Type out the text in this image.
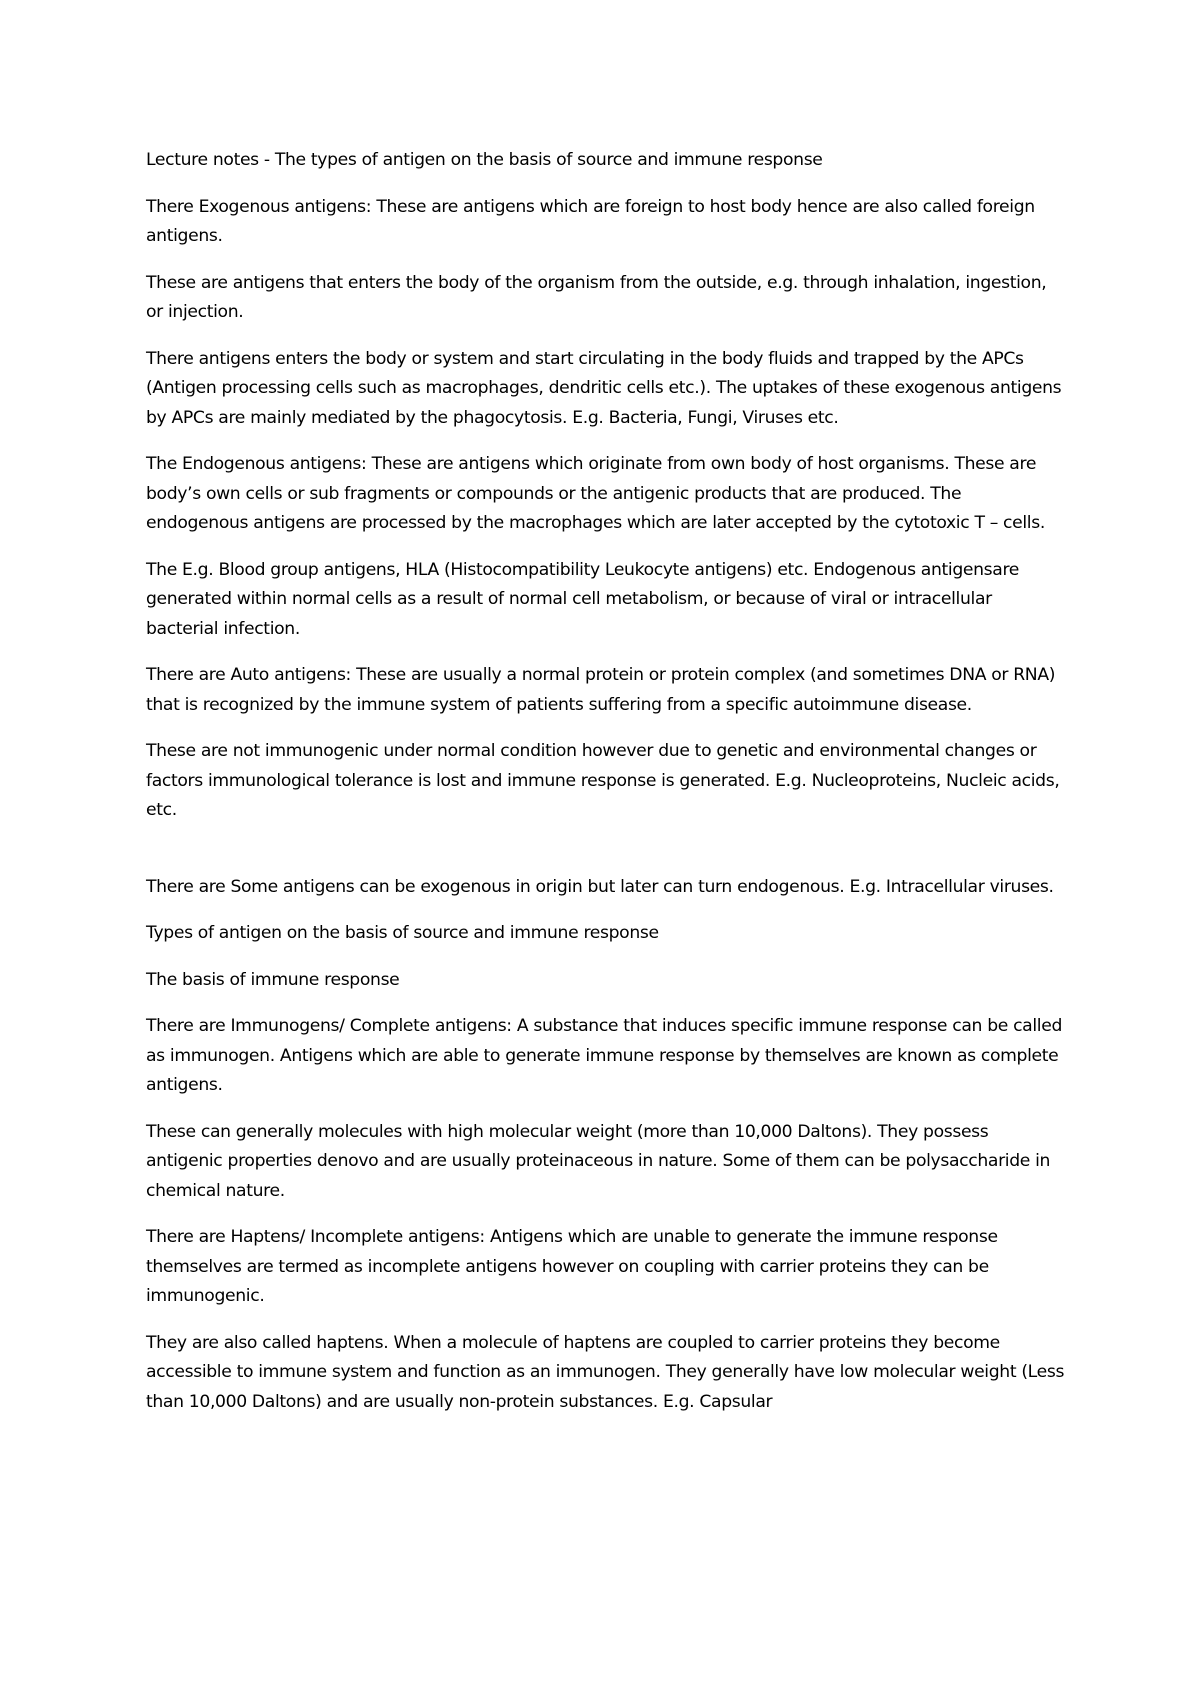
Lecture notes - The types of antigen on the basis of source and immune response

There Exogenous antigens: These are antigens which are foreign to host body hence are also called foreign antigens.

These are antigens that enters the body of the organism from the outside, e.g. through inhalation, ingestion, or injection.

There antigens enters the body or system and start circulating in the body fluids and trapped by the APCs (Antigen processing cells such as macrophages, dendritic cells etc.). The uptakes of these exogenous antigens by APCs are mainly mediated by the phagocytosis. E.g. Bacteria, Fungi, Viruses etc.

The Endogenous antigens: These are antigens which originate from own body of host organisms. These are body’s own cells or sub fragments or compounds or the antigenic products that are produced. The endogenous antigens are processed by the macrophages which are later accepted by the cytotoxic T – cells.

The E.g. Blood group antigens, HLA (Histocompatibility Leukocyte antigens) etc. Endogenous antigensare generated within normal cells as a result of normal cell metabolism, or because of viral or intracellular bacterial infection.

There are Auto antigens: These are usually a normal protein or protein complex (and sometimes DNA or RNA) that is recognized by the immune system of patients suffering from a specific autoimmune disease.

These are not immunogenic under normal condition however due to genetic and environmental changes or factors immunological tolerance is lost and immune response is generated. E.g. Nucleoproteins, Nucleic acids, etc.

There are Some antigens can be exogenous in origin but later can turn endogenous. E.g. Intracellular viruses.

Types of antigen on the basis of source and immune response

The basis of immune response

There are Immunogens/ Complete antigens: A substance that induces specific immune response can be called as immunogen. Antigens which are able to generate immune response by themselves are known as complete antigens.

These can generally molecules with high molecular weight (more than 10,000 Daltons). They possess antigenic properties denovo and are usually proteinaceous in nature. Some of them can be polysaccharide in chemical nature.

There are Haptens/ Incomplete antigens: Antigens which are unable to generate the immune response themselves are termed as incomplete antigens however on coupling with carrier proteins they can be immunogenic.

They are also called haptens. When a molecule of haptens are coupled to carrier proteins they become accessible to immune system and function as an immunogen. They generally have low molecular weight (Less than 10,000 Daltons) and are usually non-protein substances. E.g. Capsular
